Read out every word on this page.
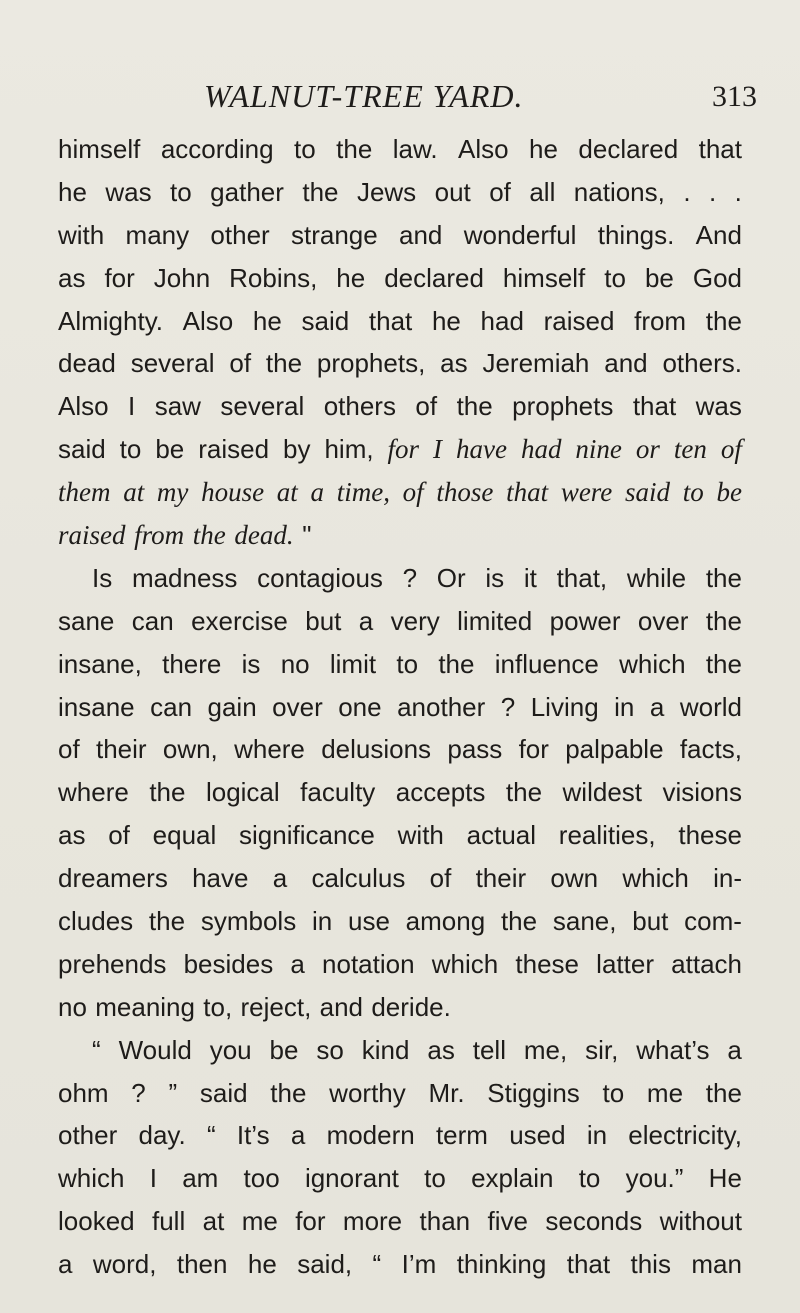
WALNUT-TREE YARD.	313
himself according to the law. Also he declared that
he was to gather the Jews out of all nations, . . .
with many other strange and wonderful things. And
as for John Robins, he declared himself to be God
Almighty. Also he said that he had raised from the
dead several of the prophets, as Jeremiah and others.
Also I saw several others of the prophets that was
said to be raised by him, for I have had nine or ten of
them at my house at a time, of those that were said to be
raised from the dead. "
Is madness contagious ? Or is it that, while the
sane can exercise but a very limited power over the
insane, there is no limit to the influence which the
insane can gain over one another ? Living in a world
of their own, where delusions pass for palpable facts,
where the logical faculty accepts the wildest visions
as of equal significance with actual realities, these
dreamers have a calculus of their own which in-
cludes the symbols in use among the sane, but com-
prehends besides a notation which these latter attach
no meaning to, reject, and deride.
“ Would you be so kind as tell me, sir, what’s a
ohm ? ” said the worthy Mr. Stiggins to me the
other day. “ It’s a modern term used in electricity,
which I am too ignorant to explain to you.” He
looked full at me for more than five seconds without
a word, then he said, “ I’m thinking that this man
